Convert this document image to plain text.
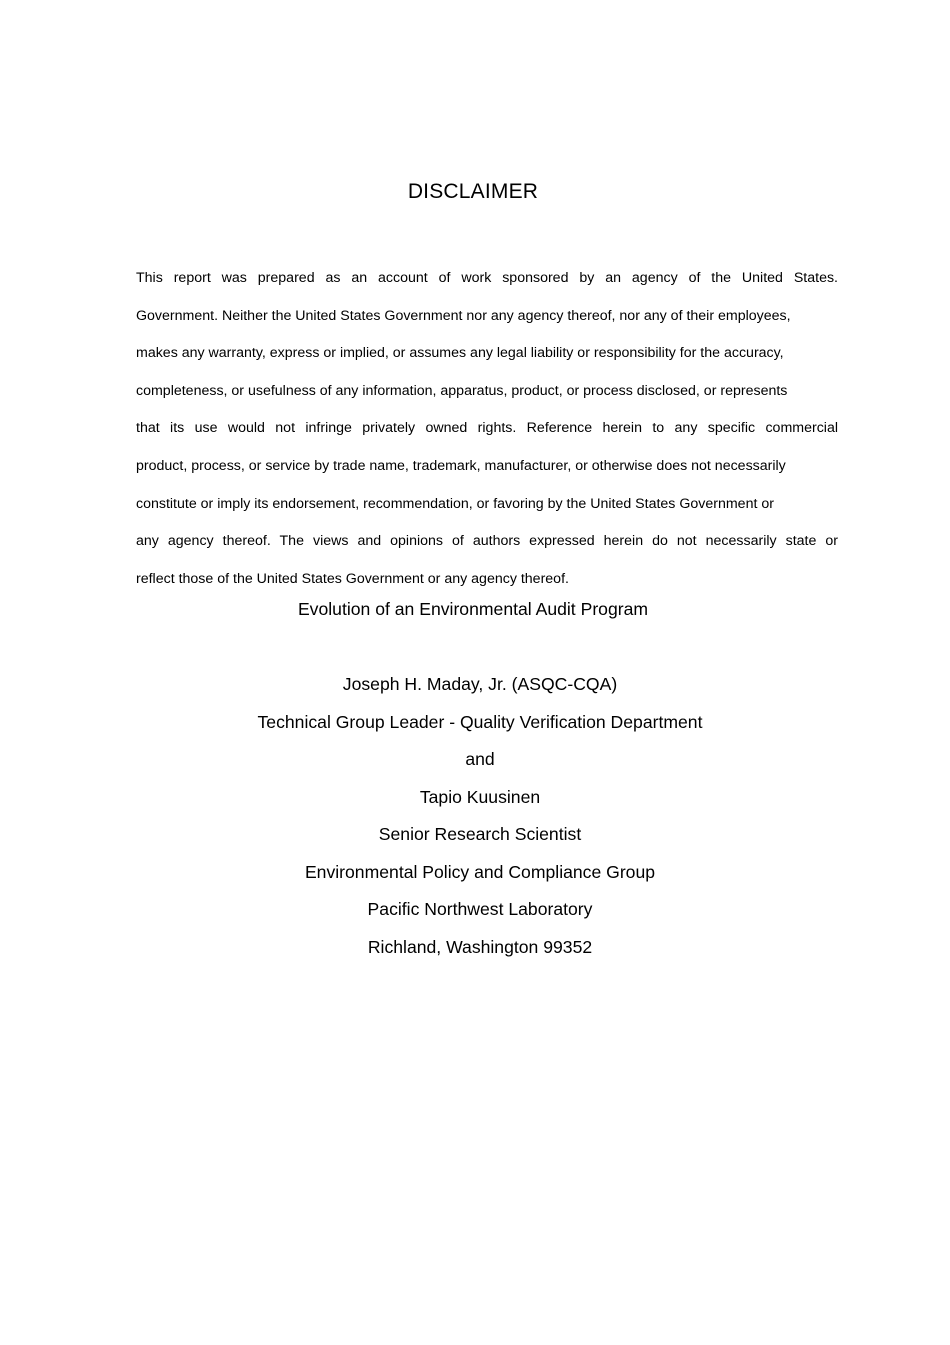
DISCLAIMER
This report was prepared as an account of work sponsored by an agency of the United States.
Government. Neither the United States Government nor any agency thereof, nor any of their employees,
makes any warranty, express or implied, or assumes any legal liability or responsibility for the accuracy,
completeness, or usefulness of any information, apparatus, product, or process disclosed, or represents
that its use would not infringe privately owned rights. Reference herein to any specific commercial
product, process, or service by trade name, trademark, manufacturer, or otherwise does not necessarily
constitute or imply its endorsement, recommendation, or favoring by the United States Government or
any agency thereof. The views and opinions of authors expressed herein do not necessarily state or
reflect those of the United States Government or any agency thereof.
Evolution of an Environmental Audit Program
Joseph H. Maday, Jr. (ASQC-CQA)
Technical Group Leader - Quality Verification Department
and
Tapio Kuusinen
Senior Research Scientist
Environmental Policy and Compliance Group
Pacific Northwest Laboratory
Richland, Washington 99352
